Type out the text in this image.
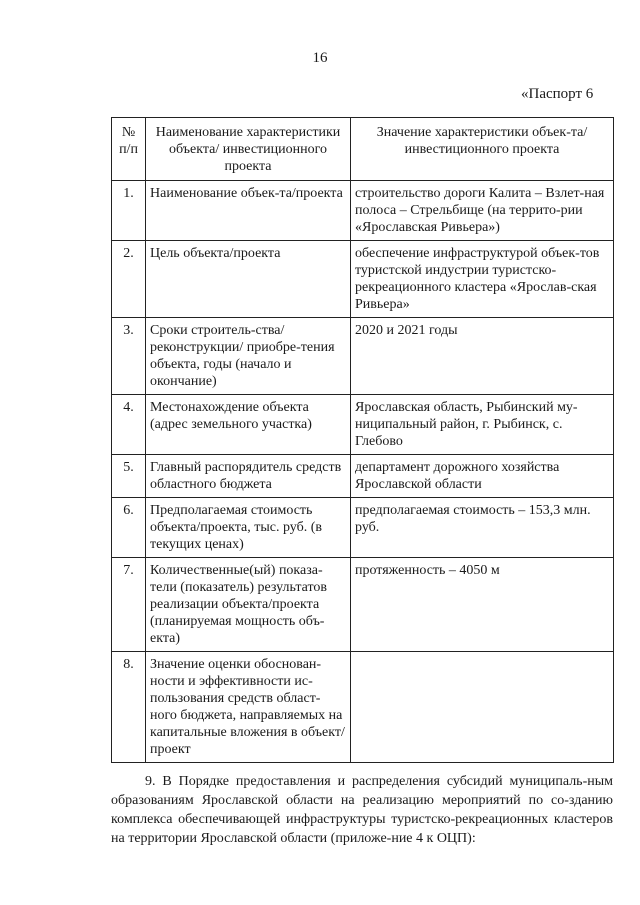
16
«Паспорт 6
№ п/п	Наименование характеристики объекта/ инвестиционного проекта	Значение характеристики объек-та/инвестиционного проекта
1.	Наименование объек-та/проекта	строительство дороги Калита – Взлет-ная полоса – Стрельбище (на террито-рии «Ярославская Ривьера»)
2.	Цель объекта/проекта	обеспечение инфраструктурой объек-тов туристской индустрии туристско-рекреационного кластера «Ярослав-ская Ривьера»
3.	Сроки строитель-ства/реконструкции/ приобре-тения объекта, годы (начало и окончание)	2020 и 2021 годы
4.	Местонахождение объекта (адрес земельного участка)	Ярославская область, Рыбинский му-ниципальный район, г. Рыбинск, с. Глебово
5.	Главный распорядитель средств областного бюджета	департамент дорожного хозяйства Ярославской области
6.	Предполагаемая стоимость объекта/проекта, тыс. руб. (в текущих ценах)	предполагаемая стоимость – 153,3 млн. руб.
7.	Количественные(ый) показа-тели (показатель) результатов реализации объекта/проекта (планируемая мощность объ-екта)	протяженность – 4050 м
8.	Значение оценки обоснован-ности и эффективности ис-пользования средств област-ного бюджета, направляемых на капитальные вложения в объект/проект	
9. В Порядке предоставления и распределения субсидий муниципаль-ным образованиям Ярославской области на реализацию мероприятий по со-зданию комплекса обеспечивающей инфраструктуры туристско-рекреационных кластеров на территории Ярославской области (приложе-ние 4 к ОЦП):
